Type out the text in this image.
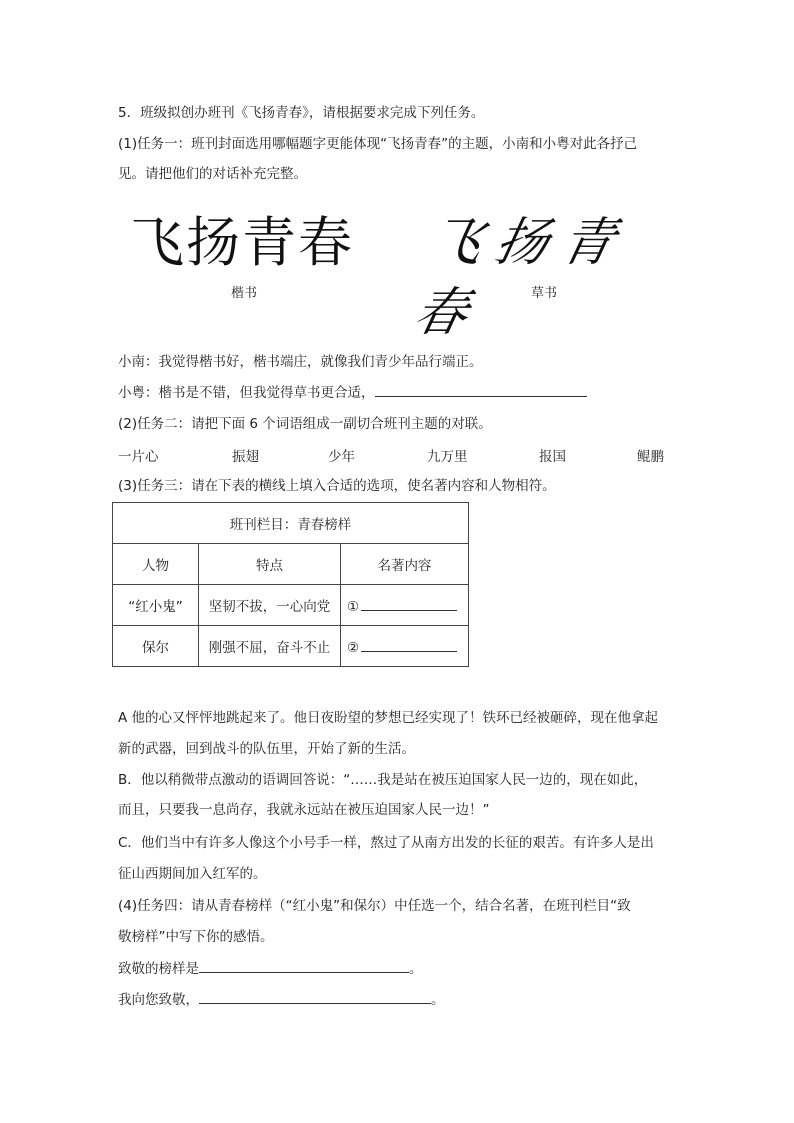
5．班级拟创办班刊《飞扬青春》，请根据要求完成下列任务。
(1)任务一：班刊封面选用哪幅题字更能体现“飞扬青春”的主题，小南和小粤对此各抒己
见。请把他们的对话补充完整。
飞扬青春
楷书
飞扬青春	草书
小南：我觉得楷书好，楷书端庄，就像我们青少年品行端正。
小粤：楷书是不错，但我觉得草书更合适，
(2)任务二：请把下面 6 个词语组成一副切合班刊主题的对联。
一片心	振翅	少年	九万里	报国	鲲鹏
(3)任务三：请在下表的横线上填入合适的选项，使名著内容和人物相符。
班刊栏目：青春榜样		
人物	特点	名著内容
“红小鬼”	坚韧不拔，一心向党	①
保尔	刚强不屈，奋斗不止	②
A 他的心又怦怦地跳起来了。他日夜盼望的梦想已经实现了！铁环已经被砸碎，现在他拿起
新的武器，回到战斗的队伍里，开始了新的生活。
B．他以稍微带点激动的语调回答说：“……我是站在被压迫国家人民一边的，现在如此，
而且，只要我一息尚存，我就永远站在被压迫国家人民一边！”
C．他们当中有许多人像这个小号手一样，熬过了从南方出发的长征的艰苦。有许多人是出
征山西期间加入红军的。
(4)任务四：请从青春榜样（“红小鬼”和保尔）中任选一个，结合名著，在班刊栏目“致
敬榜样”中写下你的感悟。
致敬的榜样是	。
我向您致敬，	。
